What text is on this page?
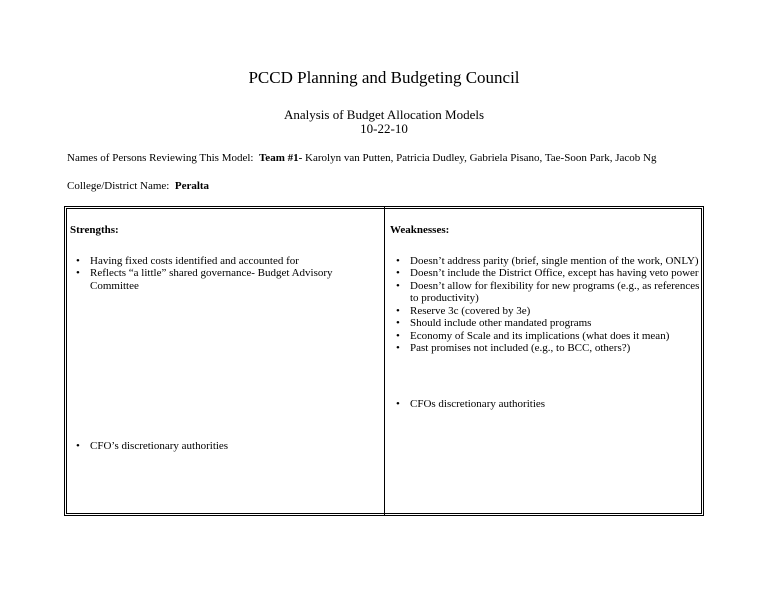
PCCD Planning and Budgeting Council
Analysis of Budget Allocation Models
10-22-10
Names of Persons Reviewing This Model: Team #1- Karolyn van Putten, Patricia Dudley, Gabriela Pisano, Tae-Soon Park, Jacob Ng
College/District Name: Peralta
Strengths:
• Having fixed costs identified and accounted for
• Reflects “a little” shared governance- Budget Advisory Committee
• CFO’s discretionary authorities
Weaknesses:
• Doesn’t address parity (brief, single mention of the work, ONLY)
• Doesn’t include the District Office, except has having veto power
• Doesn’t allow for flexibility for new programs (e.g., as references to productivity)
• Reserve 3c (covered by 3e)
• Should include other mandated programs
• Economy of Scale and its implications (what does it mean)
• Past promises not included (e.g., to BCC, others?)
• CFOs discretionary authorities
